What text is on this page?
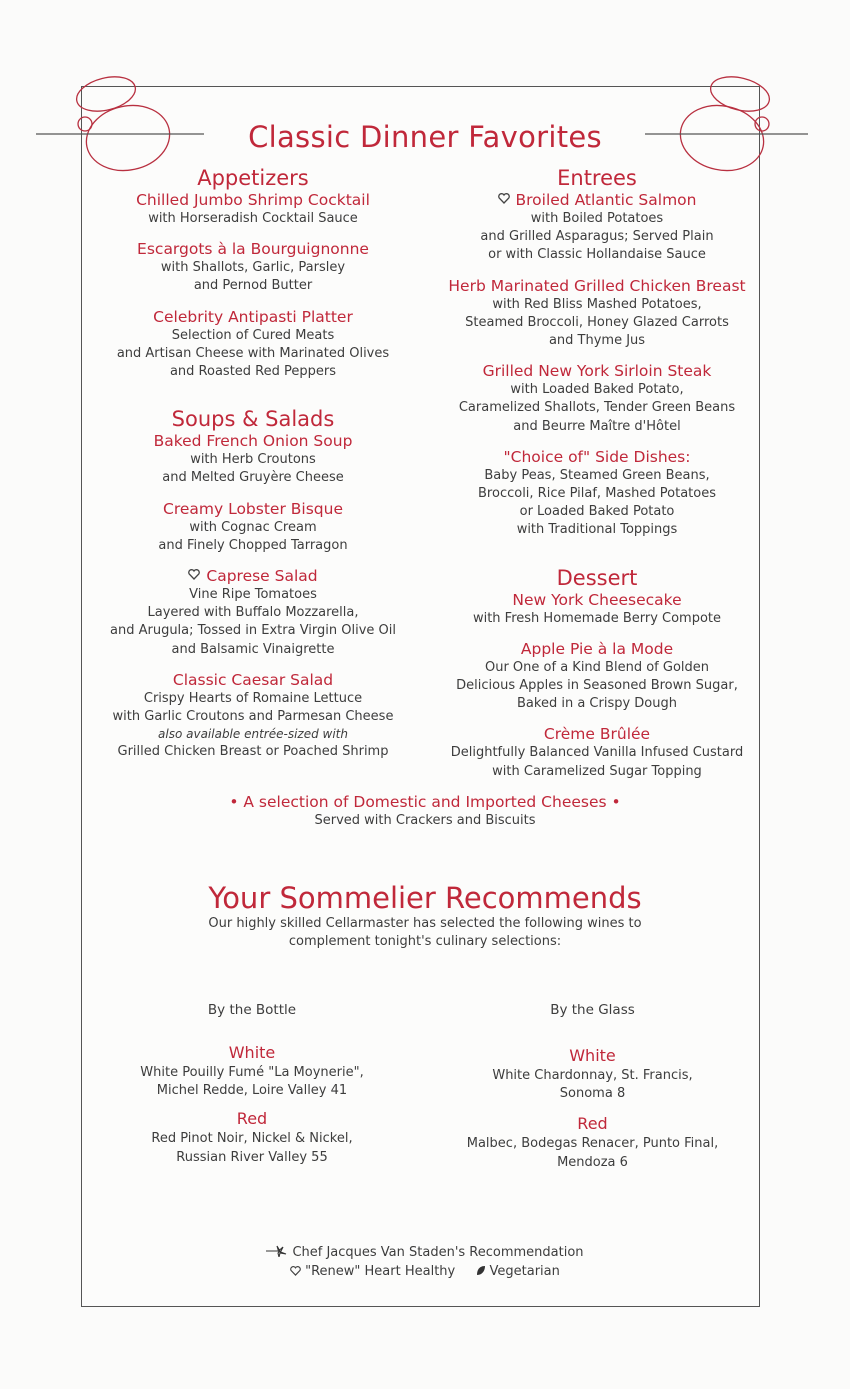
Classic Dinner Favorites
Appetizers
Chilled Jumbo Shrimp Cocktail
with Horseradish Cocktail Sauce
Escargots à la Bourguignonne
with Shallots, Garlic, Parsley
and Pernod Butter
Celebrity Antipasti Platter
Selection of Cured Meats
and Artisan Cheese with Marinated Olives
and Roasted Red Peppers
Soups & Salads
Baked French Onion Soup
with Herb Croutons
and Melted Gruyère Cheese
Creamy Lobster Bisque
with Cognac Cream
and Finely Chopped Tarragon
Caprese Salad
Vine Ripe Tomatoes
Layered with Buffalo Mozzarella,
and Arugula; Tossed in Extra Virgin Olive Oil
and Balsamic Vinaigrette
Classic Caesar Salad
Crispy Hearts of Romaine Lettuce
with Garlic Croutons and Parmesan Cheese
also available entrée-sized with
Grilled Chicken Breast or Poached Shrimp
Entrees
Broiled Atlantic Salmon
with Boiled Potatoes
and Grilled Asparagus; Served Plain
or with Classic Hollandaise Sauce
Herb Marinated Grilled Chicken Breast
with Red Bliss Mashed Potatoes,
Steamed Broccoli, Honey Glazed Carrots
and Thyme Jus
Grilled New York Sirloin Steak
with Loaded Baked Potato,
Caramelized Shallots, Tender Green Beans
and Beurre Maître d'Hôtel
"Choice of" Side Dishes:
Baby Peas, Steamed Green Beans,
Broccoli, Rice Pilaf, Mashed Potatoes
or Loaded Baked Potato
with Traditional Toppings
Dessert
New York Cheesecake
with Fresh Homemade Berry Compote
Apple Pie à la Mode
Our One of a Kind Blend of Golden
Delicious Apples in Seasoned Brown Sugar,
Baked in a Crispy Dough
Crème Brûlée
Delightfully Balanced Vanilla Infused Custard
with Caramelized Sugar Topping
• A selection of Domestic and Imported Cheeses •
Served with Crackers and Biscuits
Your Sommelier Recommends
Our highly skilled Cellarmaster has selected the following wines to
complement tonight's culinary selections:
By the Bottle
White
White Pouilly Fumé "La Moynerie",
Michel Redde, Loire Valley 41
Red
Red Pinot Noir, Nickel & Nickel,
Russian River Valley 55
By the Glass
White
White Chardonnay, St. Francis,
Sonoma 8
Red
Malbec, Bodegas Renacer, Punto Final,
Mendoza 6
Chef Jacques Van Staden's Recommendation
"Renew" Heart Healthy	Vegetarian
